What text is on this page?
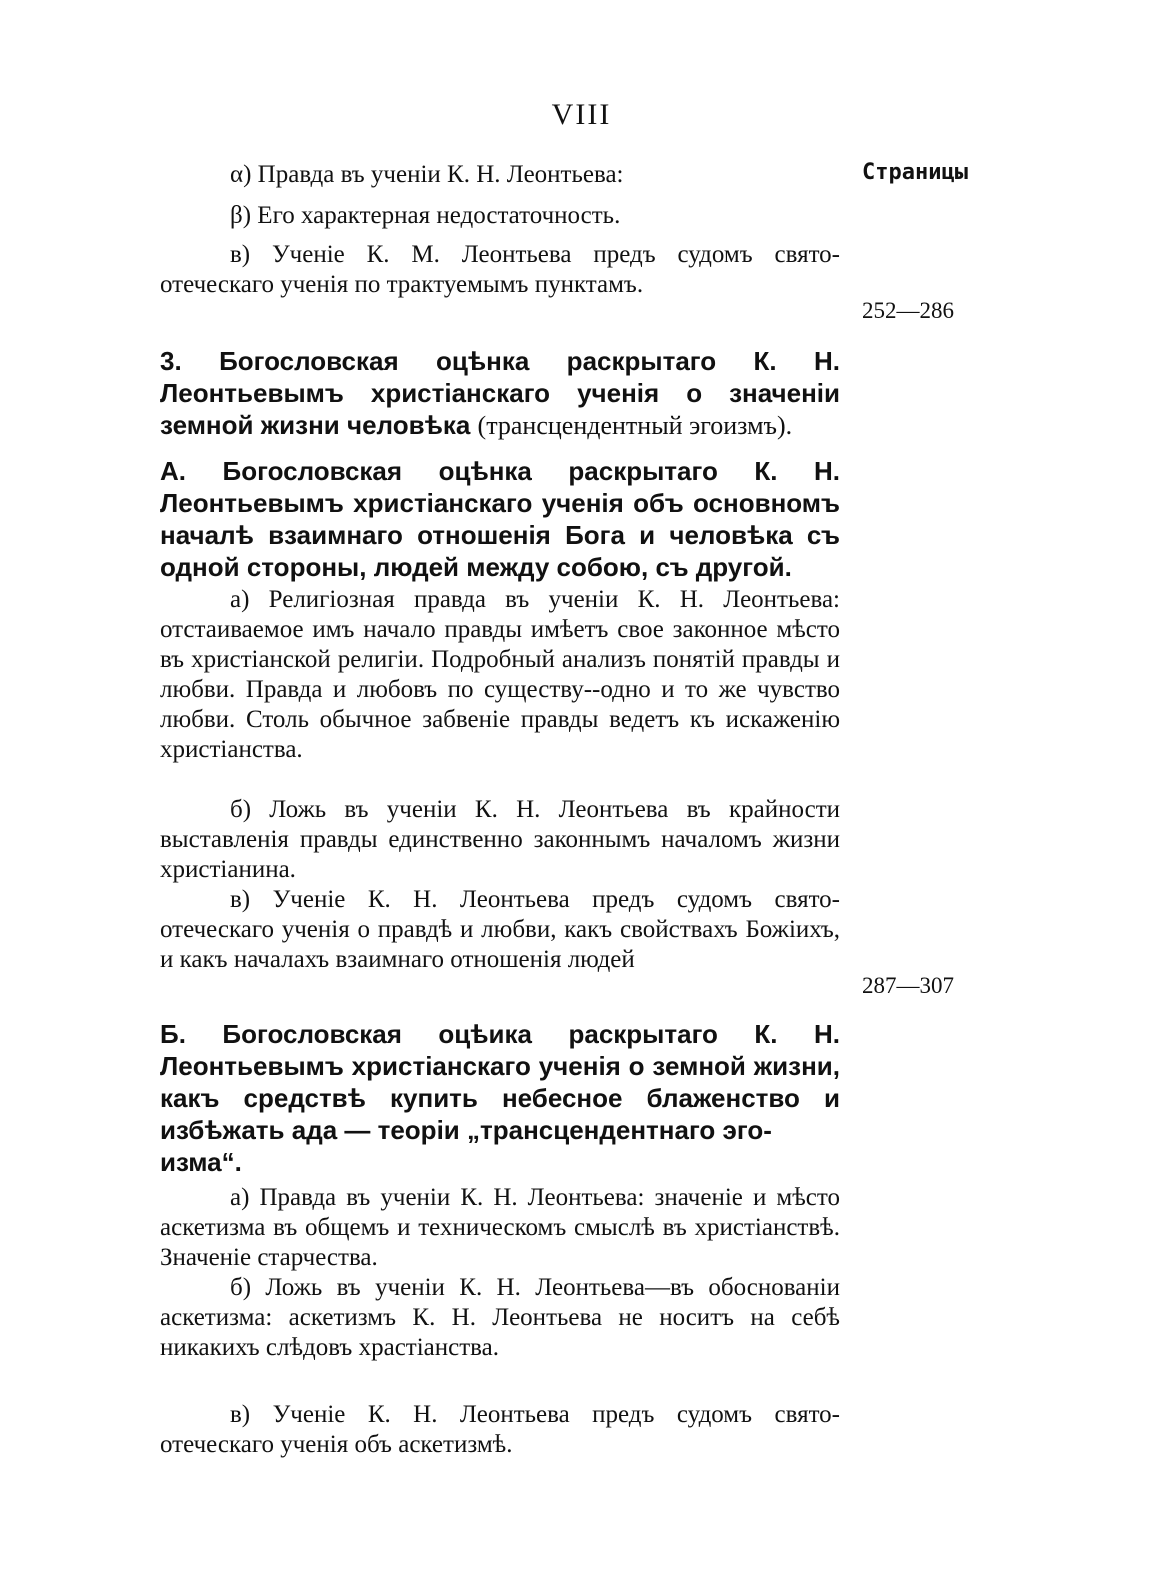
VIII
Страницы

α) Правда въ ученіи К. Н. Леонтьева:

β) Его характерная недостаточность.

в) Ученіе К. М. Леонтьева предъ судомъ свято-отеческаго ученія по трактуемымъ пунктамъ.

252—286

3. Богословская оцѣнка раскрытаго К. Н. Леонтьевымъ христіанскаго ученія о значеніи земной жизни человѣка (трансцендентный эгоизмъ).

А. Богословская оцѣнка раскрытаго К. Н. Леонтьевымъ христіанскаго ученія объ основномъ началѣ взаимнаго отношенія Бога и человѣка съ одной стороны, людей между собою, съ другой.

а) Религіозная правда въ ученіи К. Н. Леонтьева: отстаиваемое имъ начало правды имѣетъ свое законное мѣсто въ христіанской религіи. Подробный анализъ понятій правды и любви. Правда и любовъ по существу--одно и то же чувство любви. Столь обычное забвеніе правды ведетъ къ искаженію христіанства.

б) Ложь въ ученіи К. Н. Леонтьева въ крайности выставленія правды единственно законнымъ началомъ жизни христіанина.

в) Ученіе К. Н. Леонтьева предъ судомъ свято-отеческаго ученія о правдѣ и любви, какъ свойствахъ Божіихъ, и какъ началахъ взаимнаго отношенія людей

287—307

Б. Богословская оцѣика раскрытаго К. Н. Леонтьевымъ христіанскаго ученія о земной жизни, какъ средствѣ купить небесное блаженство и избѣжать ада — теоріи „трансцендентнаго эго-

изма“.

а) Правда въ ученіи К. Н. Леонтьева: значеніе и мѣсто аскетизма въ общемъ и техническомъ смыслѣ въ христіанствѣ. Значеніе старчества.

б) Ложь въ ученіи К. Н. Леонтьева—въ обоснованіи аскетизма: аскетизмъ К. Н. Леонтьева не носитъ на себѣ никакихъ слѣдовъ храстіанства.

в) Ученіе К. Н. Леонтьева предъ судомъ свято-отеческаго ученія объ аскетизмѣ.
